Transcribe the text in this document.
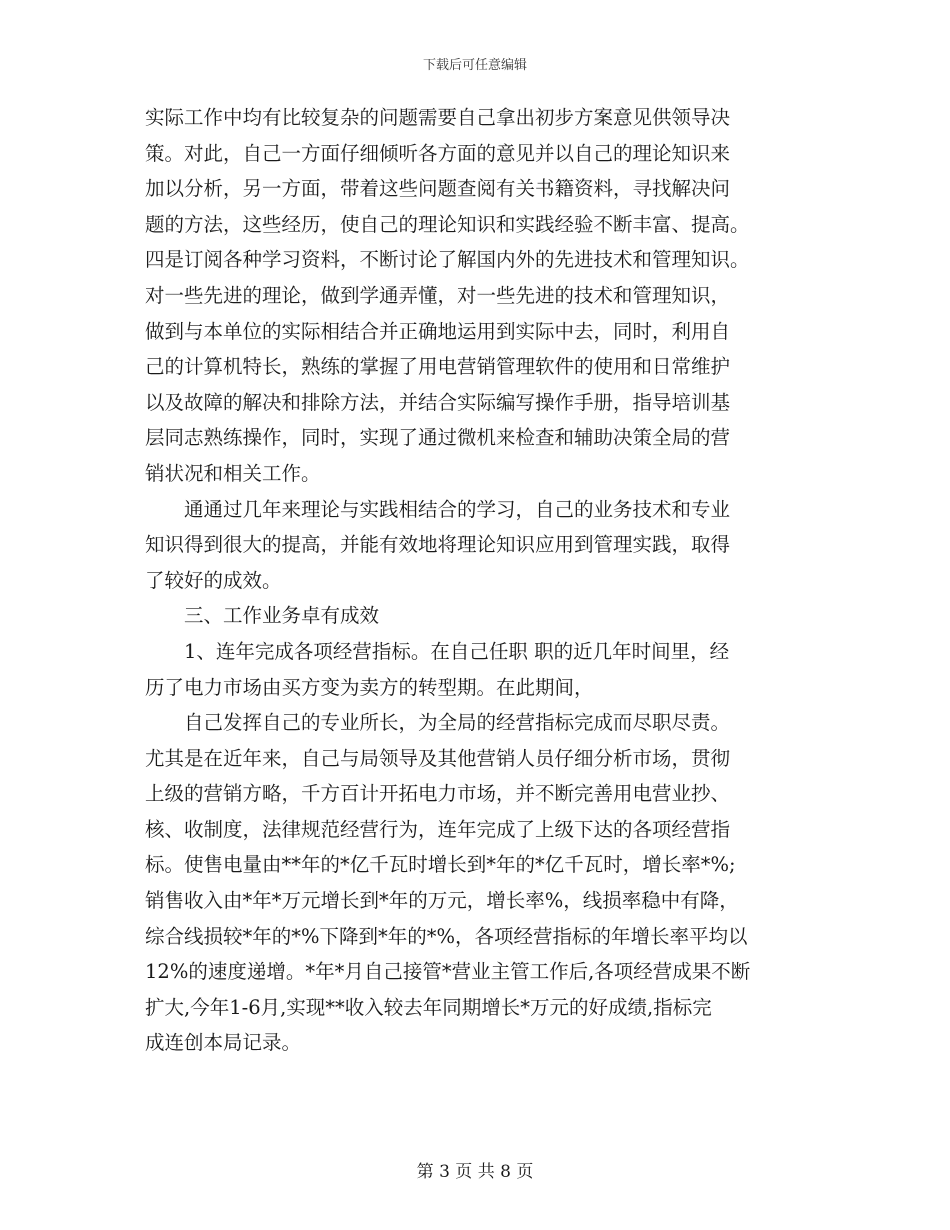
下载后可任意编辑

实际工作中均有比较复杂的问题需要自己拿出初步方案意见供领导决
策。对此，自己一方面仔细倾听各方面的意见并以自己的理论知识来
加以分析，另一方面，带着这些问题查阅有关书籍资料，寻找解决问
题的方法，这些经历，使自己的理论知识和实践经验不断丰富、提高。
四是订阅各种学习资料，不断讨论了解国内外的先进技术和管理知识。
对一些先进的理论，做到学通弄懂，对一些先进的技术和管理知识，
做到与本单位的实际相结合并正确地运用到实际中去，同时，利用自
己的计算机特长，熟练的掌握了用电营销管理软件的使用和日常维护
以及故障的解决和排除方法，并结合实际编写操作手册，指导培训基
层同志熟练操作，同时，实现了通过微机来检查和辅助决策全局的营
销状况和相关工作。

通通过几年来理论与实践相结合的学习，自己的业务技术和专业
知识得到很大的提高，并能有效地将理论知识应用到管理实践，取得
了较好的成效。

三、工作业务卓有成效

1、连年完成各项经营指标。在自己任职 职的近几年时间里，经
历了电力市场由买方变为卖方的转型期。在此期间，

自己发挥自己的专业所长，为全局的经营指标完成而尽职尽责。
尤其是在近年来，自己与局领导及其他营销人员仔细分析市场，贯彻
上级的营销方略，千方百计开拓电力市场，并不断完善用电营业抄、
核、收制度，法律规范经营行为，连年完成了上级下达的各项经营指
标。使售电量由**年的*亿千瓦时增长到*年的*亿千瓦时，增长率*%;
销售收入由*年*万元增长到*年的万元，增长率%，线损率稳中有降，
综合线损较*年的*%下降到*年的*%，各项经营指标的年增长率平均以
12%的速度递增。*年*月自己接管*营业主管工作后,各项经营成果不断
扩大,今年1-6月,实现**收入较去年同期增长*万元的好成绩,指标完
成连创本局记录。

第 3 页 共 8 页
